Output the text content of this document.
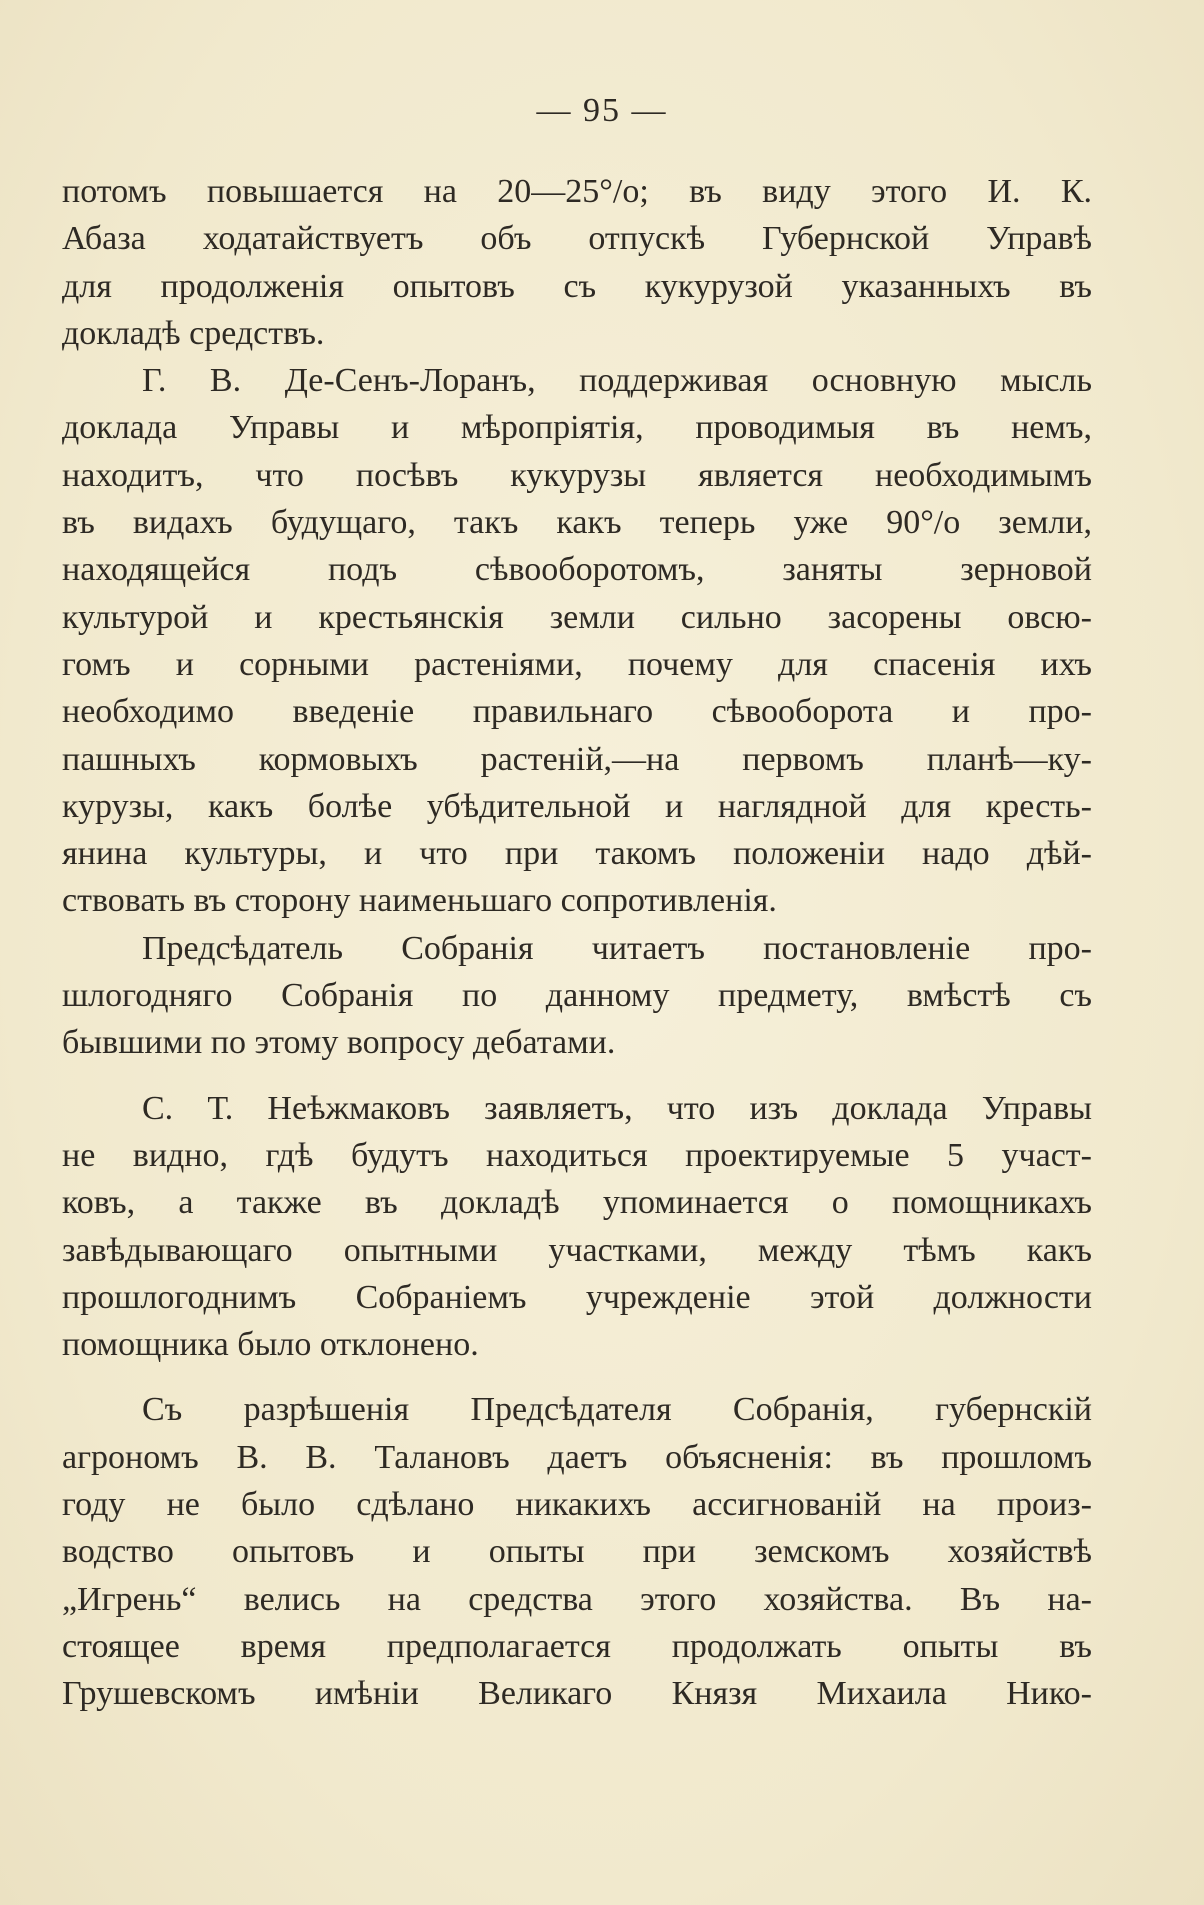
— 95 —
потомъ повышается на 20—25°/о; въ виду этого И. К.
Абаза ходатайствуетъ объ отпускѣ Губернской Управѣ
для продолженія опытовъ съ кукурузой указанныхъ въ
докладѣ средствъ.
Г. В. Де-Сенъ-Лоранъ, поддерживая основную мысль
доклада Управы и мѣропріятія, проводимыя въ немъ,
находитъ, что посѣвъ кукурузы является необходимымъ
въ видахъ будущаго, такъ какъ теперь уже 90°/о земли,
находящейся подъ сѣвооборотомъ, заняты зерновой
культурой и крестьянскія земли сильно засорены овсю-
гомъ и сорными растеніями, почему для спасенія ихъ
необходимо введеніе правильнаго сѣвооборота и про-
пашныхъ кормовыхъ растеній,—на первомъ планѣ—ку-
курузы, какъ болѣе убѣдительной и наглядной для кресть-
янина культуры, и что при такомъ положеніи надо дѣй-
ствовать въ сторону наименьшаго сопротивленія.
Предсѣдатель Собранія читаетъ постановленіе про-
шлогодняго Собранія по данному предмету, вмѣстѣ съ
бывшими по этому вопросу дебатами.
С. Т. Неѣжмаковъ заявляетъ, что изъ доклада Управы
не видно, гдѣ будутъ находиться проектируемые 5 участ-
ковъ, а также въ докладѣ упоминается о помощникахъ
завѣдывающаго опытными участками, между тѣмъ какъ
прошлогоднимъ Собраніемъ учрежденіе этой должности
помощника было отклонено.
Съ разрѣшенія Предсѣдателя Собранія, губернскій
агрономъ В. В. Талановъ даетъ объясненія: въ прошломъ
году не было сдѣлано никакихъ ассигнованій на произ-
водство опытовъ и опыты при земскомъ хозяйствѣ
„Игрень“ велись на средства этого хозяйства. Въ на-
стоящее время предполагается продолжать опыты въ
Грушевскомъ имѣніи Великаго Князя Михаила Нико-
